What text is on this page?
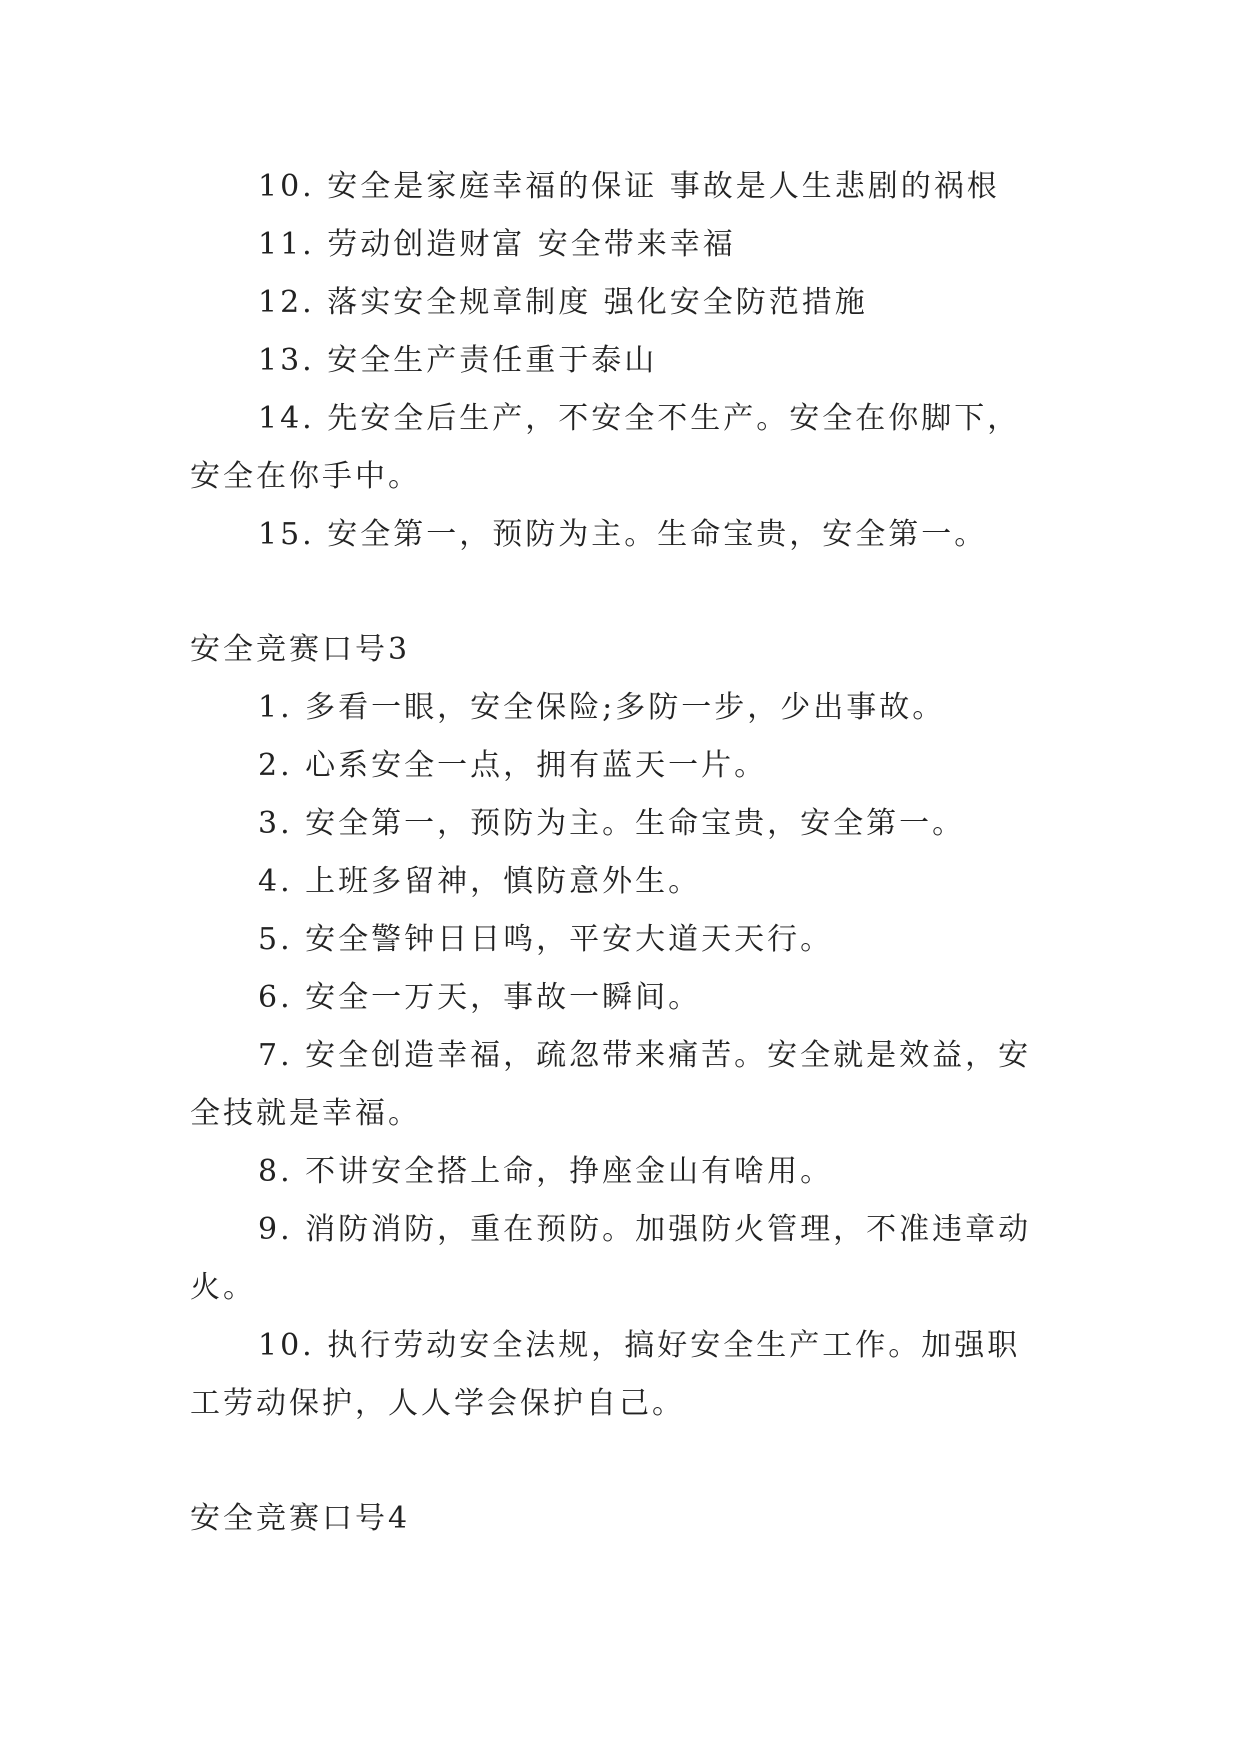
10. 安全是家庭幸福的保证 事故是人生悲剧的祸根

11. 劳动创造财富 安全带来幸福

12. 落实安全规章制度 强化安全防范措施

13. 安全生产责任重于泰山

14. 先安全后生产，不安全不生产。安全在你脚下，安全在你手中。

15. 安全第一，预防为主。生命宝贵，安全第一。

安全竞赛口号3

1. 多看一眼，安全保险;多防一步，少出事故。

2. 心系安全一点，拥有蓝天一片。

3. 安全第一，预防为主。生命宝贵，安全第一。

4. 上班多留神，慎防意外生。

5. 安全警钟日日鸣，平安大道天天行。

6. 安全一万天，事故一瞬间。

7. 安全创造幸福，疏忽带来痛苦。安全就是效益，安全技就是幸福。

8. 不讲安全搭上命，挣座金山有啥用。

9. 消防消防，重在预防。加强防火管理，不准违章动火。

10. 执行劳动安全法规，搞好安全生产工作。加强职工劳动保护，人人学会保护自己。

安全竞赛口号4
